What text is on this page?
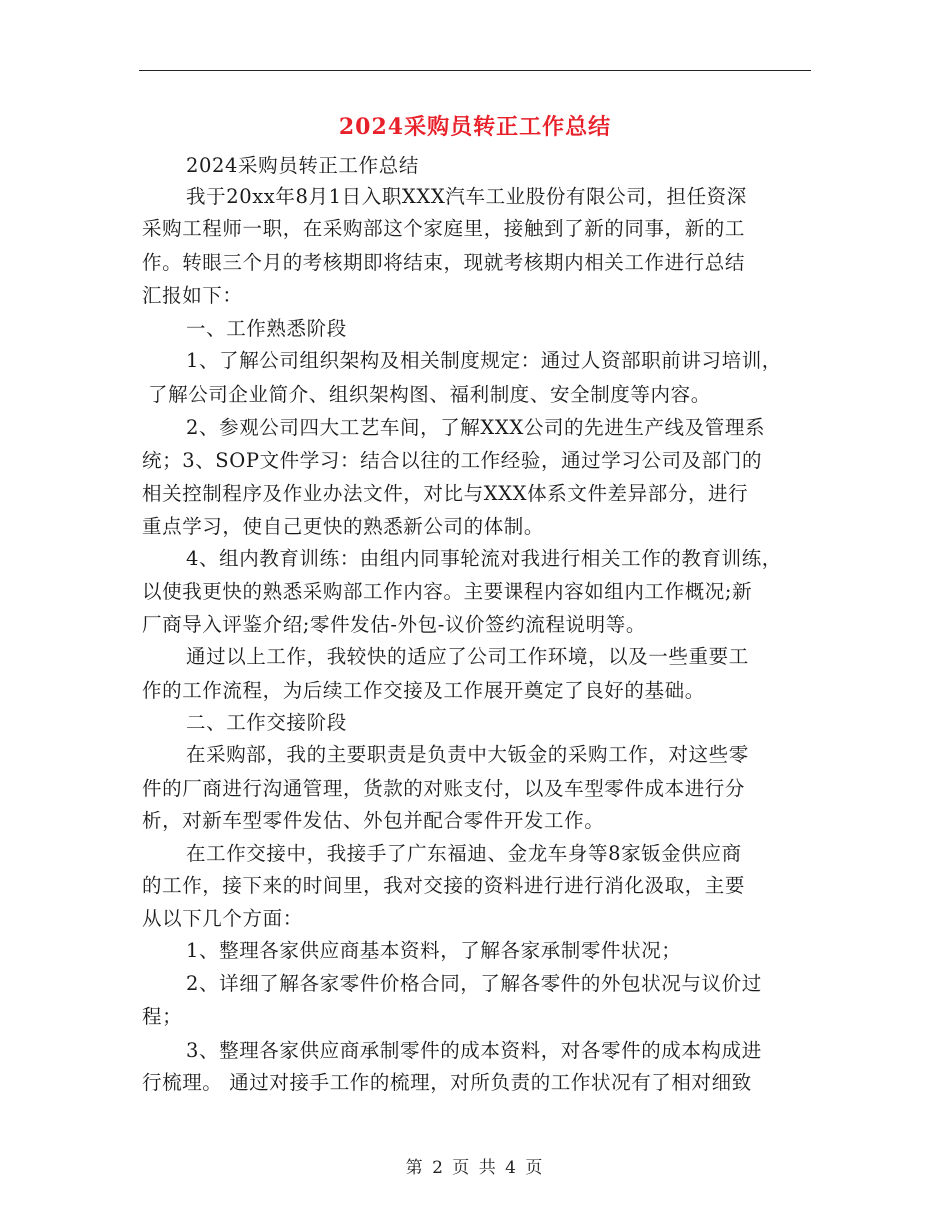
2024采购员转正工作总结
2024采购员转正工作总结
我于20xx年8月1日入职XXX汽车工业股份有限公司，担任资深
采购工程师一职，在采购部这个家庭里，接触到了新的同事，新的工
作。转眼三个月的考核期即将结束，现就考核期内相关工作进行总结
汇报如下：
一、工作熟悉阶段
1、了解公司组织架构及相关制度规定：通过人资部职前讲习培训，
了解公司企业简介、组织架构图、福利制度、安全制度等内容。
2、参观公司四大工艺车间，了解XXX公司的先进生产线及管理系
统；3、SOP文件学习：结合以往的工作经验，通过学习公司及部门的
相关控制程序及作业办法文件，对比与XXX体系文件差异部分，进行
重点学习，使自己更快的熟悉新公司的体制。
4、组内教育训练：由组内同事轮流对我进行相关工作的教育训练，
以使我更快的熟悉采购部工作内容。主要课程内容如组内工作概况;新
厂商导入评鉴介绍;零件发估-外包-议价签约流程说明等。
通过以上工作，我较快的适应了公司工作环境，以及一些重要工
作的工作流程，为后续工作交接及工作展开奠定了良好的基础。
二、工作交接阶段
在采购部，我的主要职责是负责中大钣金的采购工作，对这些零
件的厂商进行沟通管理，货款的对账支付，以及车型零件成本进行分
析，对新车型零件发估、外包并配合零件开发工作。
在工作交接中，我接手了广东福迪、金龙车身等8家钣金供应商
的工作，接下来的时间里，我对交接的资料进行进行消化汲取，主要
从以下几个方面：
1、整理各家供应商基本资料，了解各家承制零件状况；
2、详细了解各家零件价格合同，了解各零件的外包状况与议价过
程；
3、整理各家供应商承制零件的成本资料，对各零件的成本构成进
行梳理。 通过对接手工作的梳理，对所负责的工作状况有了相对细致
第 2 页 共 4 页
